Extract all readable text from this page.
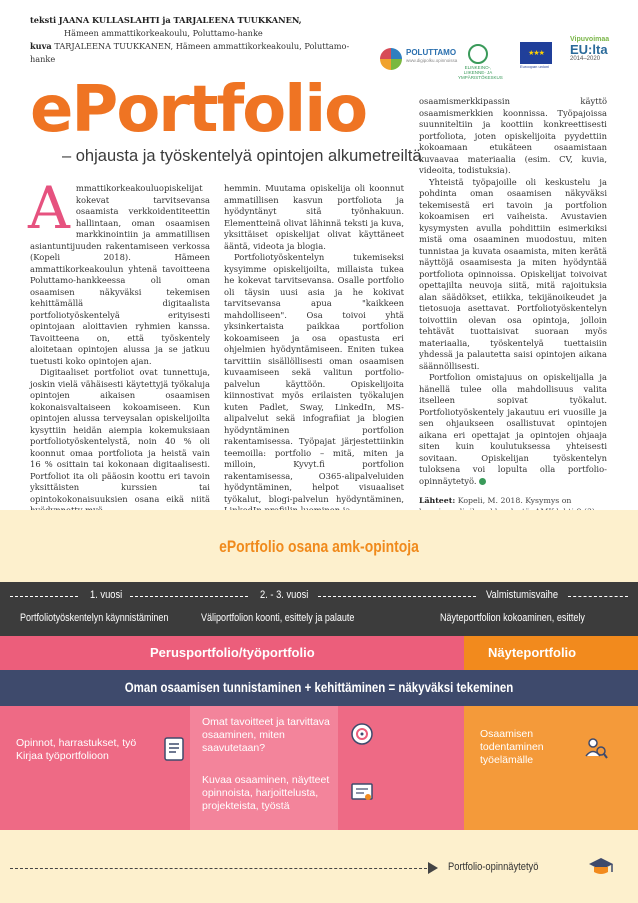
teksti JAANA KULLASLAHTI ja TARJALEENA TUUKKANEN,
Hämeen ammattikorkeakoulu, Poluttamo-hanke
kuva TARJALEENA TUUKKANEN, Hämeen ammattikorkeakoulu, Poluttamo-hanke
POLUTTAMO
www.digipolku.opinnoissa
ELINKEINO-, LIIKENNE- JA YMPÄRISTÖKESKUS
★★★
Euroopan unioni
Vipuvoimaa
EU:lta
2014–2020
ePortfolio
– ohjausta ja työskentelyä opintojen alkumetreiltä

Ammattikorkeakouluopiskelijat kokevat tarvitsevansa osaamista verkkoidentiteettin hallintaan, oman osaamisen markkinointiin ja ammatillisen asiantuntijuuden rakentamiseen verkossa (Kopeli 2018). Hämeen ammattikorkeakoulun yhtenä tavoitteena Poluttamo-hankkeessa oli oman osaamisen näkyväksi tekemisen kehittämällä digitaalista portfoliotyöskentelyä erityisesti opintojaan aloittavien ryhmien kanssa. Tavoitteena on, että työskentely aloitetaan opintojen alussa ja se jatkuu tuetusti koko opintojen ajan.

Digitaaliset portfoliot ovat tunnettuja, joskin vielä vähäisesti käytettyjä työkaluja opintojen aikaisen osaamisen kokonaisvaltaiseen kokoamiseen. Kun opintojen alussa terveysalan opiskelijoilta kysyttiin heidän aiempia kokemuksiaan portfoliotyöskentelystä, noin 40 % oli koonnut omaa portfoliota ja heistä vain 16 % osittain tai kokonaan digitaalisesti. Portfoliot ita oli pääosin koottu eri tavoin yksittäisten kurssien tai opintokokonaisuuksien osana eikä niitä

hemmin. Muutama opiskelija oli koonnut ammatillisen kasvun portfoliota ja hyödyntänyt sitä työnhakuun. Elementteinä olivat lähinnä teksti ja kuva, yksittäiset opiskelijat olivat käyttäneet ääntä, videota ja blogia.

Portfoliotyöskentelyn tukemiseksi kysyimme opiskelijoilta, millaista tukea he kokevat tarvitsevansa. Osalle portfolio oli täysin uusi asia ja he kokivat tarvitsevansa apua "kaikkeen mahdolliseen". Osa toivoi yhtä yksinkertaista paikkaa portfolion kokoamiseen ja osa opastusta eri ohjelmien hyödyntämiseen. Eniten tukea tarvittiin sisällöllisesti oman osaamisen kuvaamiseen sekä valitun portfolio-palvelun käyttöön. Opiskelijoita kiinnostivat myös erilaisten työkalujen kuten Padlet, Sway, LinkedIn, MS-alipalvelut sekä infografiiat ja blogien hyödyntäminen portfolion rakentamisessa. Työpajat järjestettiinkin teemoilla: portfolio – mitä, miten ja milloin, Kyvyt.fi portfolion rakentamisessa, O365-alipalveluiden hyödyntäminen, helpot visuaaliset työkalut, blogi-palvelun hyödyntäminen,

osaamismerkkipassin käyttö osaamismerkkien koonnissa. Työpajoissa suunniteltiin ja koottiin konkreettisesti portfoliota, joten opiskelijoita pyydettiin kokoamaan etukäteen osaamistaan kuvaavaa materiaalia (esim. CV, kuvia, videoita, todistuksia).

Yhteistä työpajoille oli keskustelu ja pohdinta oman osaamisen näkyväksi tekemisestä eri tavoin ja portfolion kokoamisen eri vaiheista. Avustavien kysymysten avulla pohdittiin esimerkiksi mistä oma osaaminen muodostuu, miten tunnistaa ja kuvata osaamista, miten kerätä näyttöjä osaamisesta ja miten hyödyntää portfoliota opinnoissa. Opiskelijat toivoivat opettajilta neuvoja siitä, mitä rajoituksia alan säädökset, etiikka, tekijänoikeudet ja tietosuoja asettavat. Portfoliotyöskentelyn toivottiin olevan osa opintoja, jolloin tehtävät tuottaisivat suoraan myös materiaalia, työskentelyä tuettaisiin yhdessä ja palautetta saisi opintojen aikana säännöllisesti.

Portfolion omistajuus on opiskelijalla ja hänellä tulee olla mahdollisuus valita itselleen sopivat työkalut. Portfoliotyöskentely jakautuu eri vuosille ja sen ohjaukseen osallistuvat opintojen aikana eri opettajat ja opintojen ohjaaja siten kuin koulutuksessa yhteisesti sovitaan. Opiskelijan työskentelyn tuloksena voi lopulta olla portfolio-opinnäytetyö.

Lähteet: Kopeli, M. 2018. Kysymys on
ePortfolio osana amk-opintoja
1. vuosi	2. - 3. vuosi	Valmistumisvaihe
Portfoliotyöskentelyn käynnistäminen	Väliportfolion koonti, esittely ja palaute	Näyteportfolion kokoaminen, esittely
Perusportfolio/työportfolio	Näyteportfolio
Oman osaamisen tunnistaminen + kehittäminen = näkyväksi tekeminen
Opinnot, harrastukset, työ Kirjaa työportfolioon
Omat tavoitteet ja tarvittava osaaminen, miten saavutetaan?
Kuvaa osaaminen, näytteet opinnoista, harjoittelusta, projekteista, työstä
Osaamisen todentaminen työelämälle
Portfolio-opinnäytetyö
